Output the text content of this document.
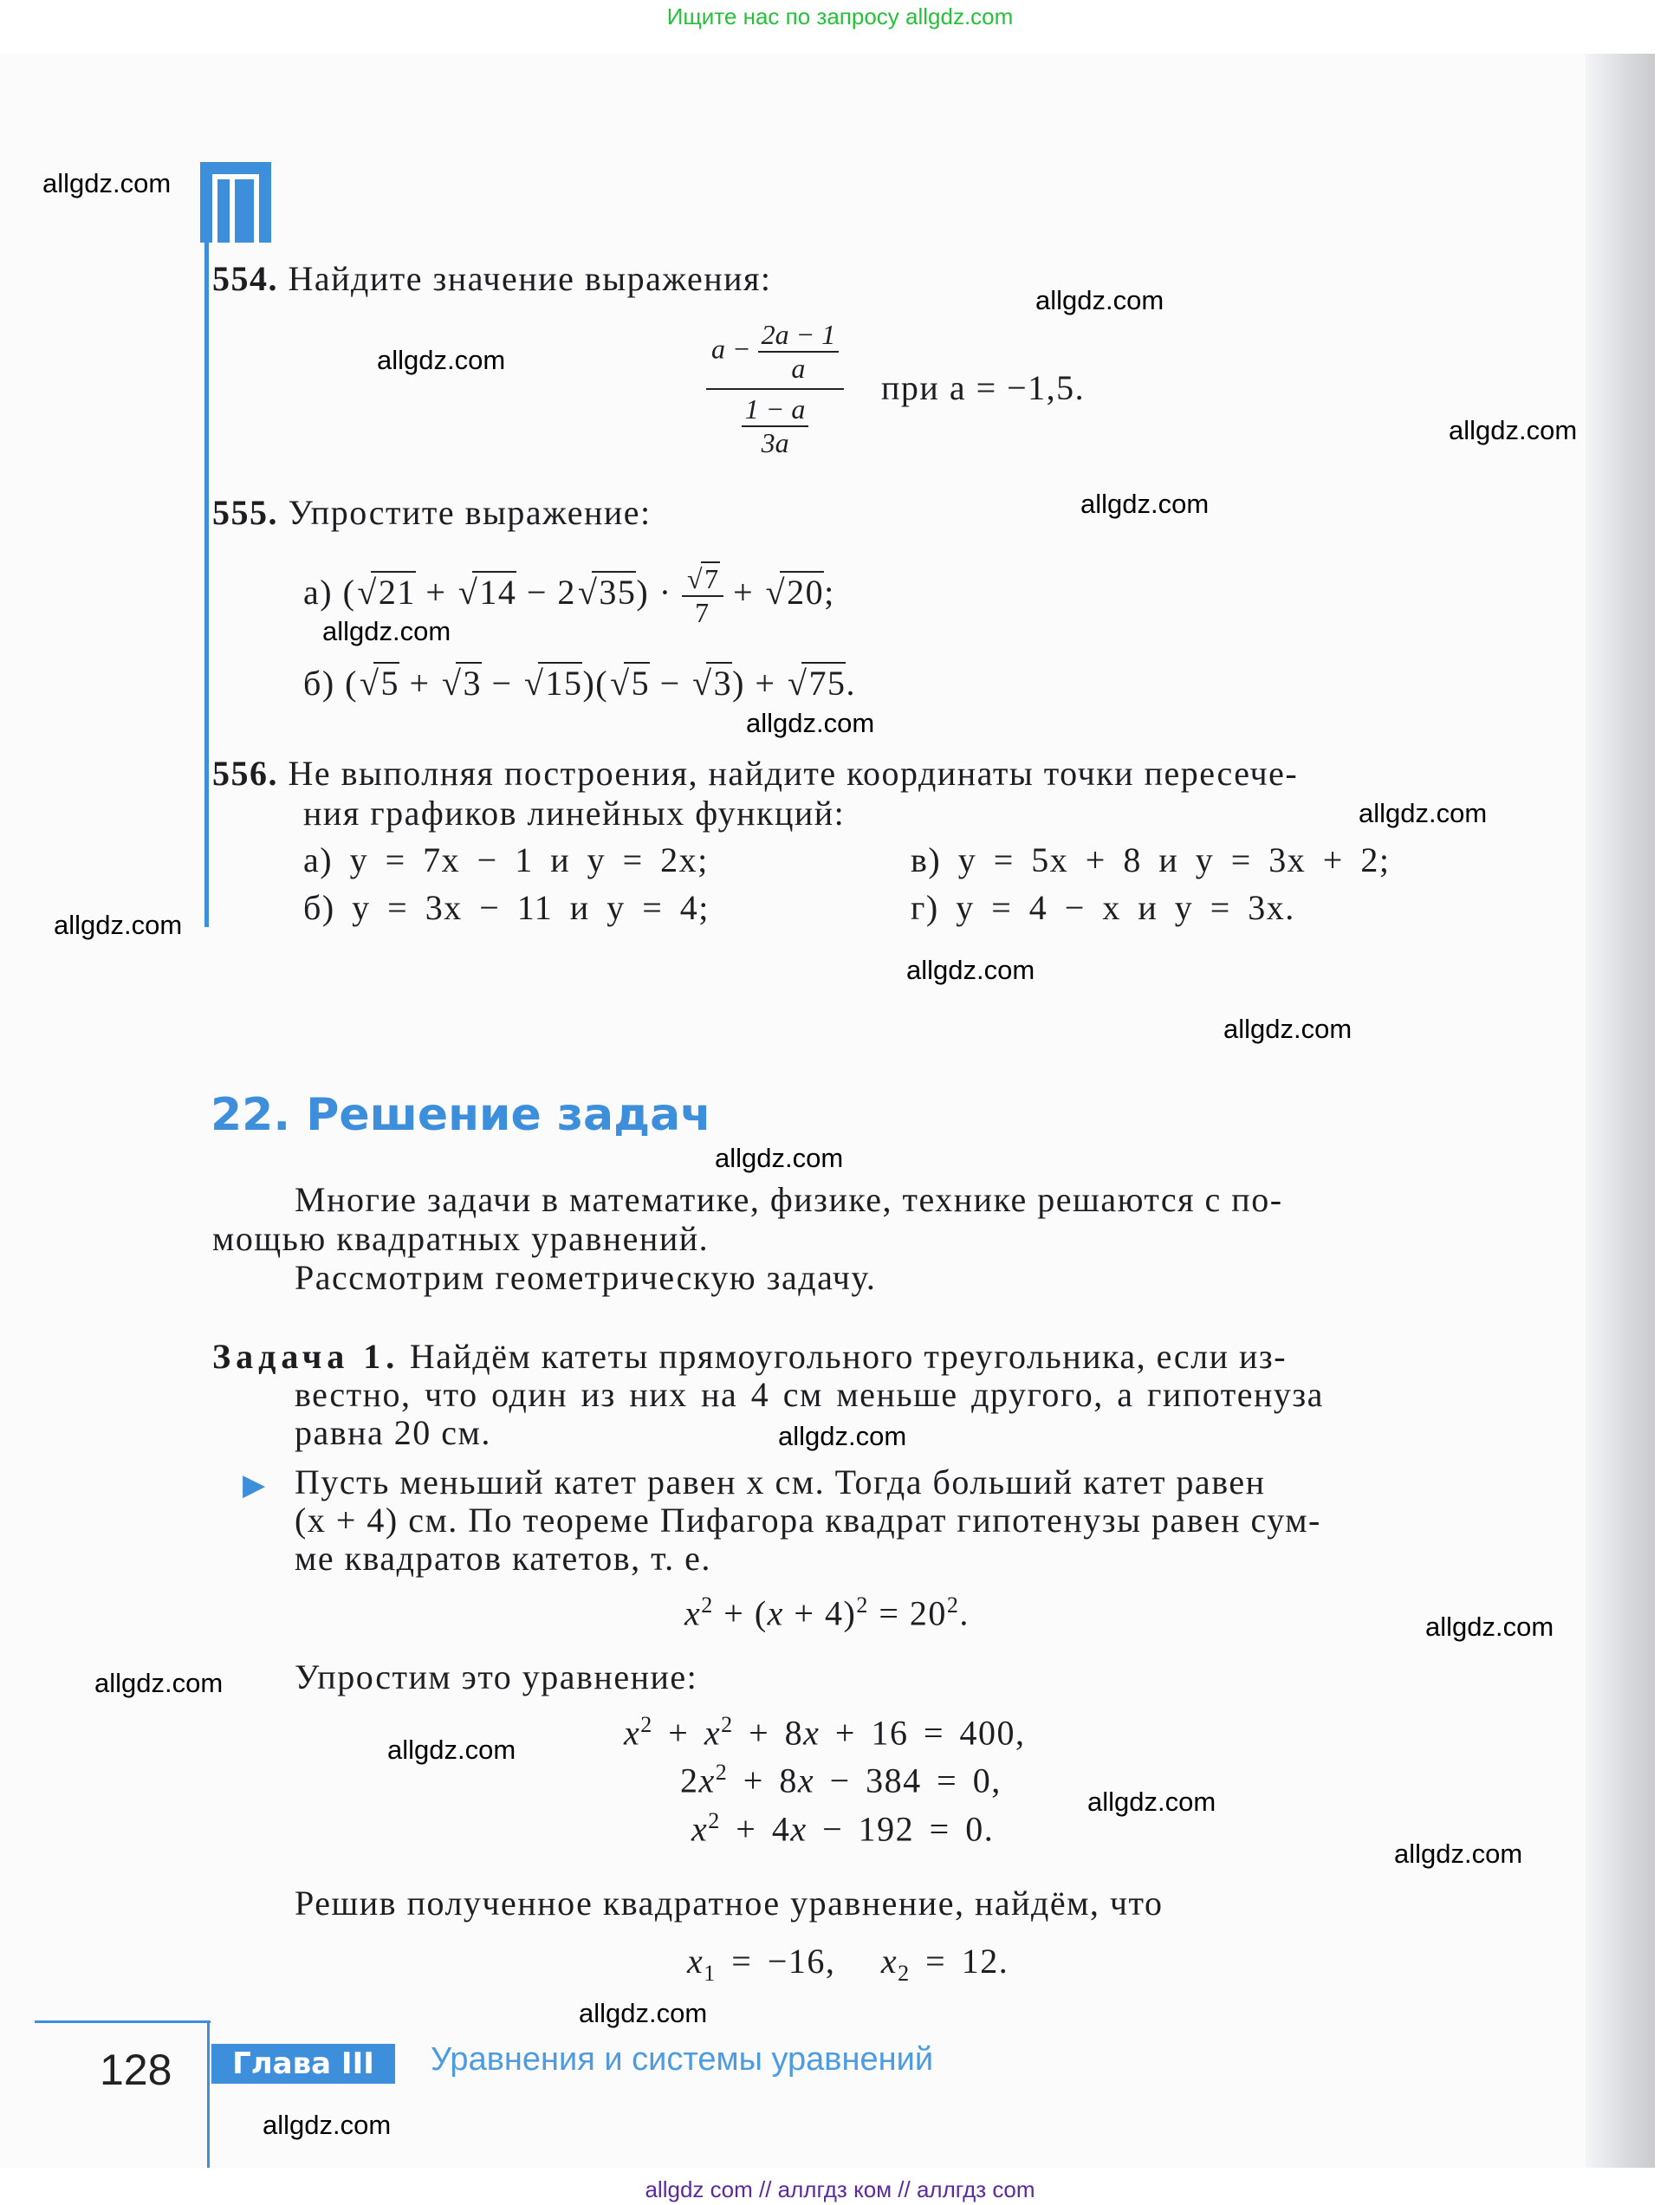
Ищите нас по запросу allgdz.com
554. Найдите значение выражения:
$\frac{a - \frac{2a - 1}{a}}{\frac{1 - a}{3a}}$ при a = −1,5.
555. Упростите выражение:
а) ( √ 21 + √ 14 − 2 √ 35) · √ $\frac{7}{7}$ + √ 20;
б) ( √ 5 + √ 3 − √ 15)( √ 5 − √ 3) + √ 75.
556. Не выполняя построения, найдите координаты точки пересече-
ния графиков линейных функций:
а) y = 7x − 1 и y = 2x;
б) y = 3x − 11 и y = 4;
в) y = 5x + 8 и y = 3x + 2;
г) y = 4 − x и y = 3x.
22. Решение задач
Многие задачи в математике, физике, технике решаются с по-
мощью квадратных уравнений.
Рассмотрим геометрическую задачу.
Задача 1. Найдём катеты прямоугольного треугольника, если из-
вестно, что один из них на 4 см меньше другого, а гипотенуза
равна 20 см.
▶ Пусть меньший катет равен x см. Тогда больший катет равен
(x + 4) см. По теореме Пифагора квадрат гипотенузы равен сум-
ме квадратов катетов, т. е.
$x^2 + (x + 4)^2 = 20^2$.
Упростим это уравнение:
$x^2 + x^2 + 8x + 16 = 400$,
$2x^2 + 8x - 384 = 0$,
$x^2 + 4x - 192 = 0$.
Решив полученное квадратное уравнение, найдём, что
$x_1 = -16$,   $x_2 = 12$.
128	Глава III	Уравнения и системы уравнений
allgdz com // аллгдз ком // аллгдз com
allgdz.com
allgdz.com
allgdz.com
allgdz.com
allgdz.com
allgdz.com
allgdz.com
allgdz.com
allgdz.com
allgdz.com
allgdz.com
allgdz.com
allgdz.com
allgdz.com
allgdz.com
allgdz.com
allgdz.com
allgdz.com
allgdz.com
allgdz.com
